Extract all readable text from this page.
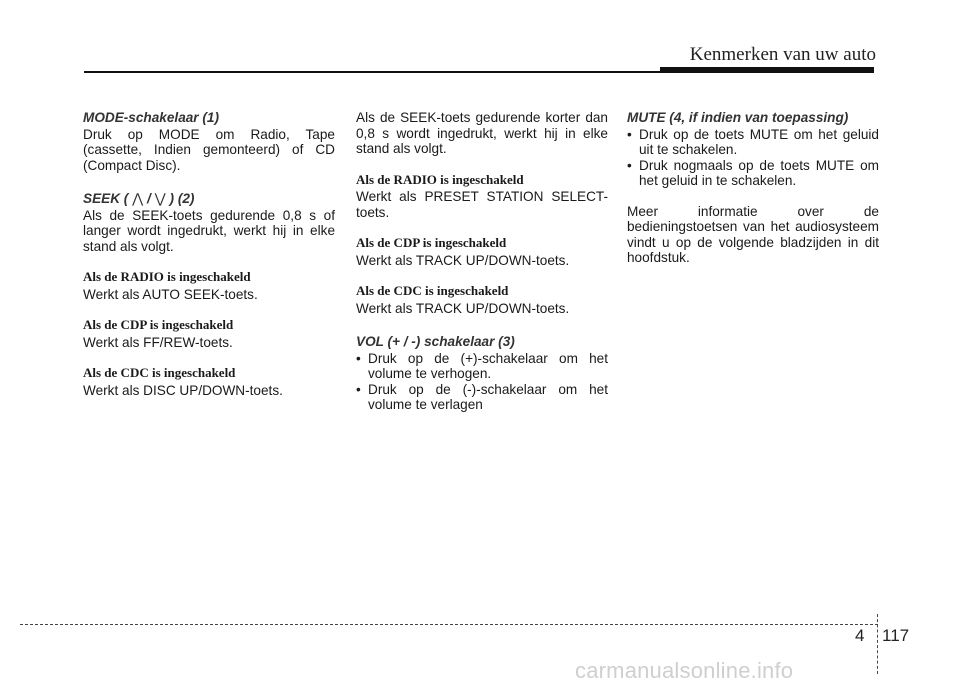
Kenmerken van uw auto

MODE-schakelaar (1)

Druk op MODE om Radio, Tape (cassette, Indien gemonteerd) of CD (Compact Disc).

SEEK ( ⋀ / ⋁ ) (2)

Als de SEEK-toets gedurende 0,8 s of langer wordt ingedrukt, werkt hij in elke stand als volgt.

Als de RADIO is ingeschakeld

Werkt als AUTO SEEK-toets.

Als de CDP is ingeschakeld

Werkt als FF/REW-toets.

Als de CDC is ingeschakeld

Werkt als DISC UP/DOWN-toets.

Als de SEEK-toets gedurende korter dan 0,8 s wordt ingedrukt, werkt hij in elke stand als volgt.

Als de RADIO is ingeschakeld

Werkt als PRESET STATION SELECT-toets.

Als de CDP is ingeschakeld

Werkt als TRACK UP/DOWN-toets.

Als de CDC is ingeschakeld

Werkt als TRACK UP/DOWN-toets.

VOL (+ / -) schakelaar (3)

• Druk op de (+)-schakelaar om het volume te verhogen.
• Druk op de (-)-schakelaar om het volume te verlagen

MUTE (4, if indien van toepassing)

• Druk op de toets MUTE om het geluid uit te schakelen.
• Druk nogmaals op de toets MUTE om het geluid in te schakelen.

Meer informatie over de bedieningstoetsen van het audiosysteem vindt u op de volgende bladzijden in dit hoofdstuk.

4 117
carmanualsonline.info
